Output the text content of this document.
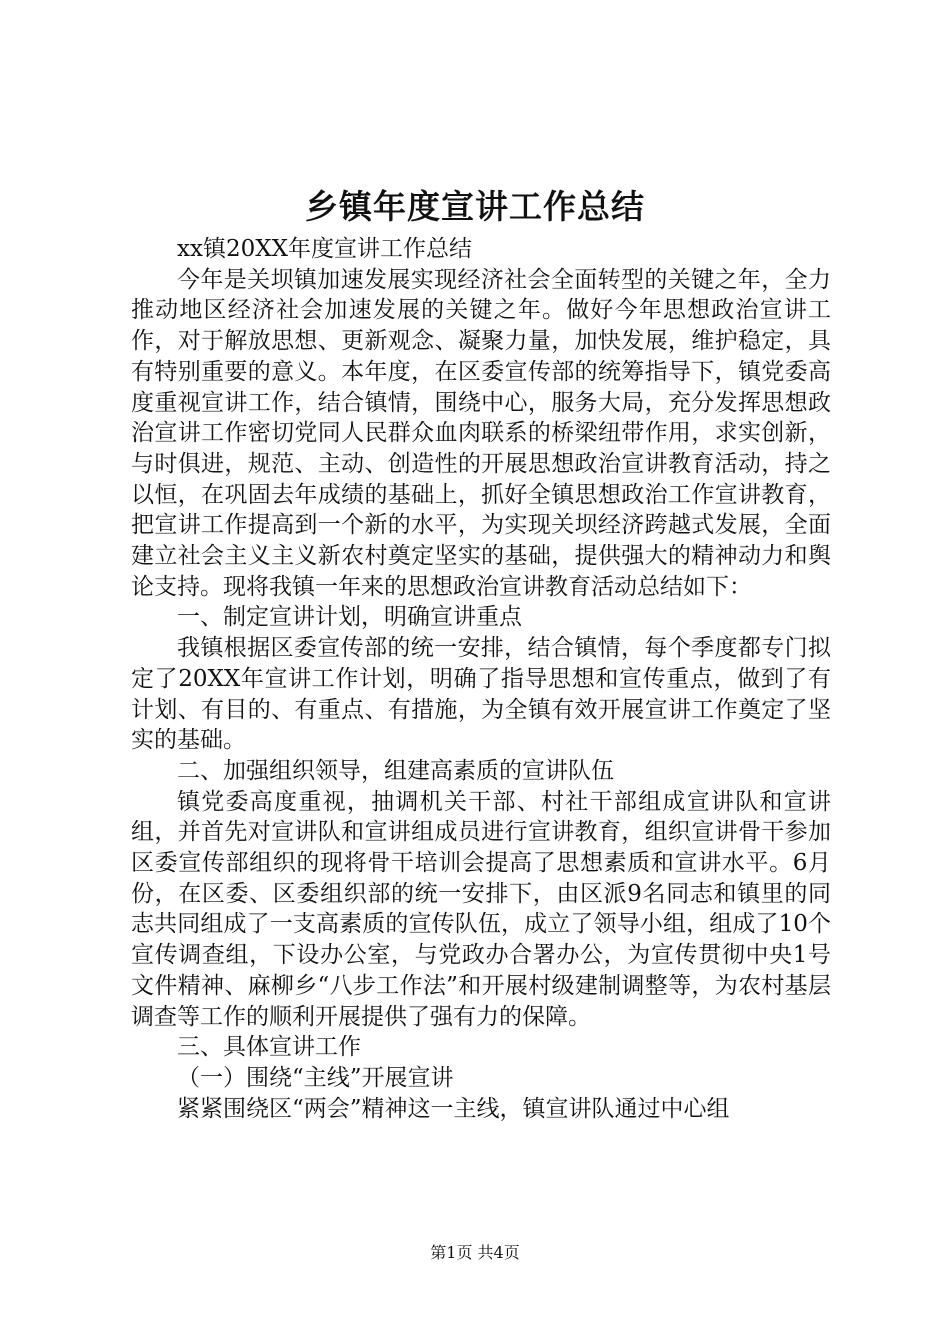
乡镇年度宣讲工作总结

xx镇20XX年度宣讲工作总结

今年是关坝镇加速发展实现经济社会全面转型的关键之年，全力推动地区经济社会加速发展的关键之年。做好今年思想政治宣讲工作，对于解放思想、更新观念、凝聚力量，加快发展，维护稳定，具有特别重要的意义。本年度，在区委宣传部的统筹指导下，镇党委高度重视宣讲工作，结合镇情，围绕中心，服务大局，充分发挥思想政治宣讲工作密切党同人民群众血肉联系的桥梁纽带作用，求实创新，与时俱进，规范、主动、创造性的开展思想政治宣讲教育活动，持之以恒，在巩固去年成绩的基础上，抓好全镇思想政治工作宣讲教育，把宣讲工作提高到一个新的水平，为实现关坝经济跨越式发展，全面建立社会主义主义新农村奠定坚实的基础，提供强大的精神动力和舆论支持。现将我镇一年来的思想政治宣讲教育活动总结如下：

一、制定宣讲计划，明确宣讲重点

我镇根据区委宣传部的统一安排，结合镇情，每个季度都专门拟定了20XX年宣讲工作计划，明确了指导思想和宣传重点，做到了有计划、有目的、有重点、有措施，为全镇有效开展宣讲工作奠定了坚实的基础。

二、加强组织领导，组建高素质的宣讲队伍

镇党委高度重视，抽调机关干部、村社干部组成宣讲队和宣讲组，并首先对宣讲队和宣讲组成员进行宣讲教育，组织宣讲骨干参加区委宣传部组织的现将骨干培训会提高了思想素质和宣讲水平。6月份，在区委、区委组织部的统一安排下，由区派9名同志和镇里的同志共同组成了一支高素质的宣传队伍，成立了领导小组，组成了10个宣传调查组，下设办公室，与党政办合署办公，为宣传贯彻中央1号文件精神、麻柳乡“八步工作法”和开展村级建制调整等，为农村基层调查等工作的顺利开展提供了强有力的保障。

三、具体宣讲工作

（一）围绕“主线”开展宣讲

紧紧围绕区“两会”精神这一主线，镇宣讲队通过中心组

第1页 共4页
